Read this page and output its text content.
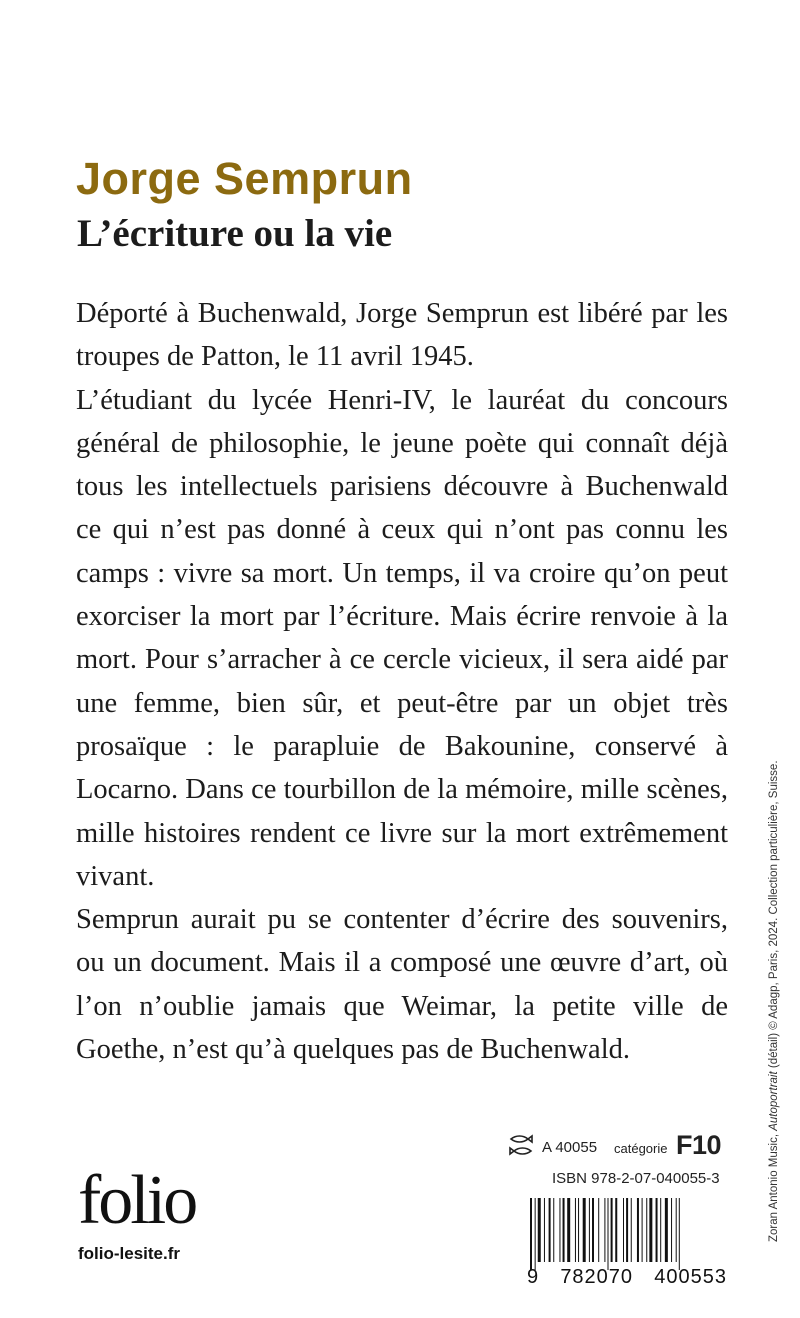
Jorge Semprun
L’écriture ou la vie

Déporté à Buchenwald, Jorge Semprun est libéré par les troupes de Patton, le 11 avril 1945.

L’étudiant du lycée Henri-IV, le lauréat du concours général de philosophie, le jeune poète qui connaît déjà tous les intellectuels parisiens découvre à Buchenwald ce qui n’est pas donné à ceux qui n’ont pas connu les camps : vivre sa mort. Un temps, il va croire qu’on peut exorciser la mort par l’écriture. Mais écrire renvoie à la mort. Pour s’arracher à ce cercle vicieux, il sera aidé par une femme, bien sûr, et peut-être par un objet très prosaïque : le parapluie de Bakounine, conservé à Locarno. Dans ce tourbillon de la mémoire, mille scènes, mille histoires rendent ce livre sur la mort extrêmement vivant.

Semprun aurait pu se contenter d’écrire des souvenirs, ou un document. Mais il a composé une œuvre d’art, où l’on n’oublie jamais que Weimar, la petite ville de Goethe, n’est qu’à quelques pas de Buchenwald.

Zoran Antonio Music, Autoportrait (détail) © Adagp, Paris, 2024. Collection particulière, Suisse.
folio
folio-lesite.fr
A 40055 catégorie F10
ISBN 978-2-07-040055-3
9 782070 400553
